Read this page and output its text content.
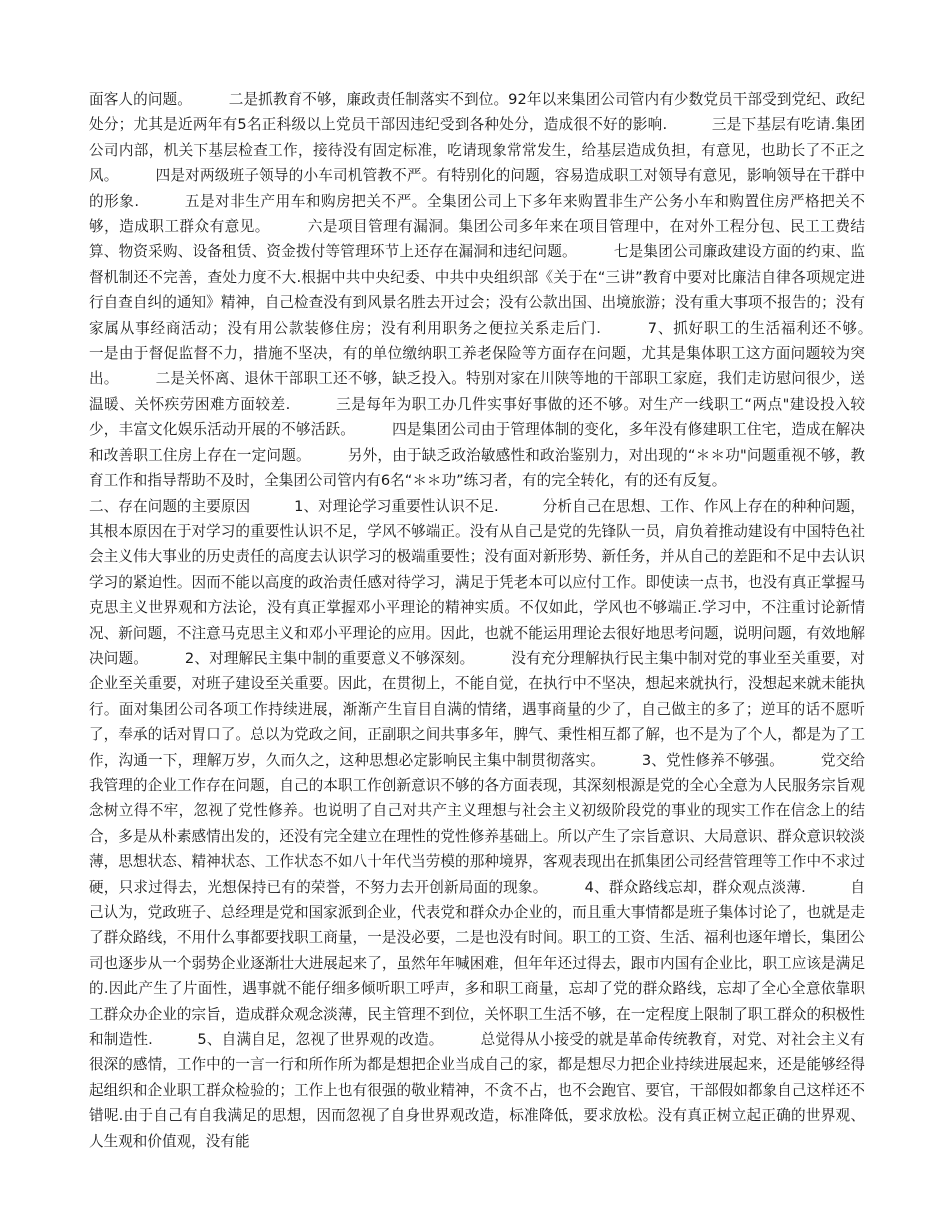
面客人的问题。　　　二是抓教育不够，廉政责任制落实不到位。92年以来集团公司管内有少数党员干部受到党纪、政纪处分；尤其是近两年有5名正科级以上党员干部因违纪受到各种处分，造成很不好的影响.　　　三是下基层有吃请.集团公司内部，机关下基层检查工作，接待没有固定标准，吃请现象常常发生，给基层造成负担，有意见，也助长了不正之风。　　　四是对两级班子领导的小车司机管教不严。有特别化的问题，容易造成职工对领导有意见，影响领导在干群中的形象.　　　五是对非生产用车和购房把关不严。全集团公司上下多年来购置非生产公务小车和购置住房严格把关不够，造成职工群众有意见。　　　六是项目管理有漏洞。集团公司多年来在项目管理中，在对外工程分包、民工工费结算、物资采购、设备租赁、资金拨付等管理环节上还存在漏洞和违纪问题。　　　七是集团公司廉政建设方面的约束、监督机制还不完善，查处力度不大.根据中共中央纪委、中共中央组织部《关于在“三讲”教育中要对比廉洁自律各项规定进行自查自纠的通知》精神，自己检查没有到风景名胜去开过会；没有公款出国、出境旅游；没有重大事项不报告的；没有家属从事经商活动；没有用公款装修住房；没有利用职务之便拉关系走后门.　　　7、抓好职工的生活福利还不够。　　　一是由于督促监督不力，措施不坚决，有的单位缴纳职工养老保险等方面存在问题，尤其是集体职工这方面问题较为突出。　　　二是关怀离、退休干部职工还不够，缺乏投入。特别对家在川陕等地的干部职工家庭，我们走访慰问很少，送温暖、关怀疾劳困难方面较差.　　　三是每年为职工办几件实事好事做的还不够。对生产一线职工“两点"建设投入较少，丰富文化娱乐活动开展的不够活跃。　　　四是集团公司由于管理体制的变化，多年没有修建职工住宅，造成在解决和改善职工住房上存在一定问题。　　　另外，由于缺乏政治敏感性和政治鉴别力，对出现的“＊＊功"问题重视不够，教育工作和指导帮助不及时，全集团公司管内有6名“＊＊功”练习者，有的完全转化，有的还有反复。

二、存在问题的主要原因　　　1、对理论学习重要性认识不足.　　　分析自己在思想、工作、作风上存在的种种问题，其根本原因在于对学习的重要性认识不足，学风不够端正。没有从自己是党的先锋队一员，肩负着推动建设有中国特色社会主义伟大事业的历史责任的高度去认识学习的极端重要性；没有面对新形势、新任务，并从自己的差距和不足中去认识学习的紧迫性。因而不能以高度的政治责任感对待学习，满足于凭老本可以应付工作。即使读一点书，也没有真正掌握马克思主义世界观和方法论，没有真正掌握邓小平理论的精神实质。不仅如此，学风也不够端正.学习中，不注重讨论新情况、新问题，不注意马克思主义和邓小平理论的应用。因此，也就不能运用理论去很好地思考问题，说明问题，有效地解决问题。　　　2、对理解民主集中制的重要意义不够深刻。　　　没有充分理解执行民主集中制对党的事业至关重要，对企业至关重要，对班子建设至关重要。因此，在贯彻上，不能自觉，在执行中不坚决，想起来就执行，没想起来就未能执行。面对集团公司各项工作持续进展，渐渐产生盲目自满的情绪，遇事商量的少了，自己做主的多了；逆耳的话不愿听了，奉承的话对胃口了。总以为党政之间，正副职之间共事多年，脾气、秉性相互都了解，也不是为了个人，都是为了工作，沟通一下，理解万岁，久而久之，这种思想必定影响民主集中制贯彻落实。　　　3、党性修养不够强。　　　党交给我管理的企业工作存在问题，自己的本职工作创新意识不够的各方面表现，其深刻根源是党的全心全意为人民服务宗旨观念树立得不牢，忽视了党性修养。也说明了自己对共产主义理想与社会主义初级阶段党的事业的现实工作在信念上的结合，多是从朴素感情出发的，还没有完全建立在理性的党性修养基础上。所以产生了宗旨意识、大局意识、群众意识较淡薄，思想状态、精神状态、工作状态不如八十年代当劳模的那种境界，客观表现出在抓集团公司经营管理等工作中不求过硬，只求过得去，光想保持已有的荣誉，不努力去开创新局面的现象。　　　4、群众路线忘却，群众观点淡薄.　　　自己认为，党政班子、总经理是党和国家派到企业，代表党和群众办企业的，而且重大事情都是班子集体讨论了，也就是走了群众路线，不用什么事都要找职工商量，一是没必要，二是也没有时间。职工的工资、生活、福利也逐年增长，集团公司也逐步从一个弱势企业逐渐壮大进展起来了，虽然年年喊困难，但年年还过得去，跟市内国有企业比，职工应该是满足的.因此产生了片面性，遇事就不能仔细多倾听职工呼声，多和职工商量，忘却了党的群众路线，忘却了全心全意依靠职工群众办企业的宗旨，造成群众观念淡薄，民主管理不到位，关怀职工生活不够，在一定程度上限制了职工群众的积极性和制造性.　　　5、自满自足，忽视了世界观的改造。　　　总觉得从小接受的就是革命传统教育，对党、对社会主义有很深的感情，工作中的一言一行和所作所为都是想把企业当成自己的家，都是想尽力把企业持续进展起来，还是能够经得起组织和企业职工群众检验的；工作上也有很强的敬业精神，不贪不占，也不会跑官、要官，干部假如都象自己这样还不错呢.由于自己有自我满足的思想，因而忽视了自身世界观改造，标准降低，要求放松。没有真正树立起正确的世界观、人生观和价值观，没有能
